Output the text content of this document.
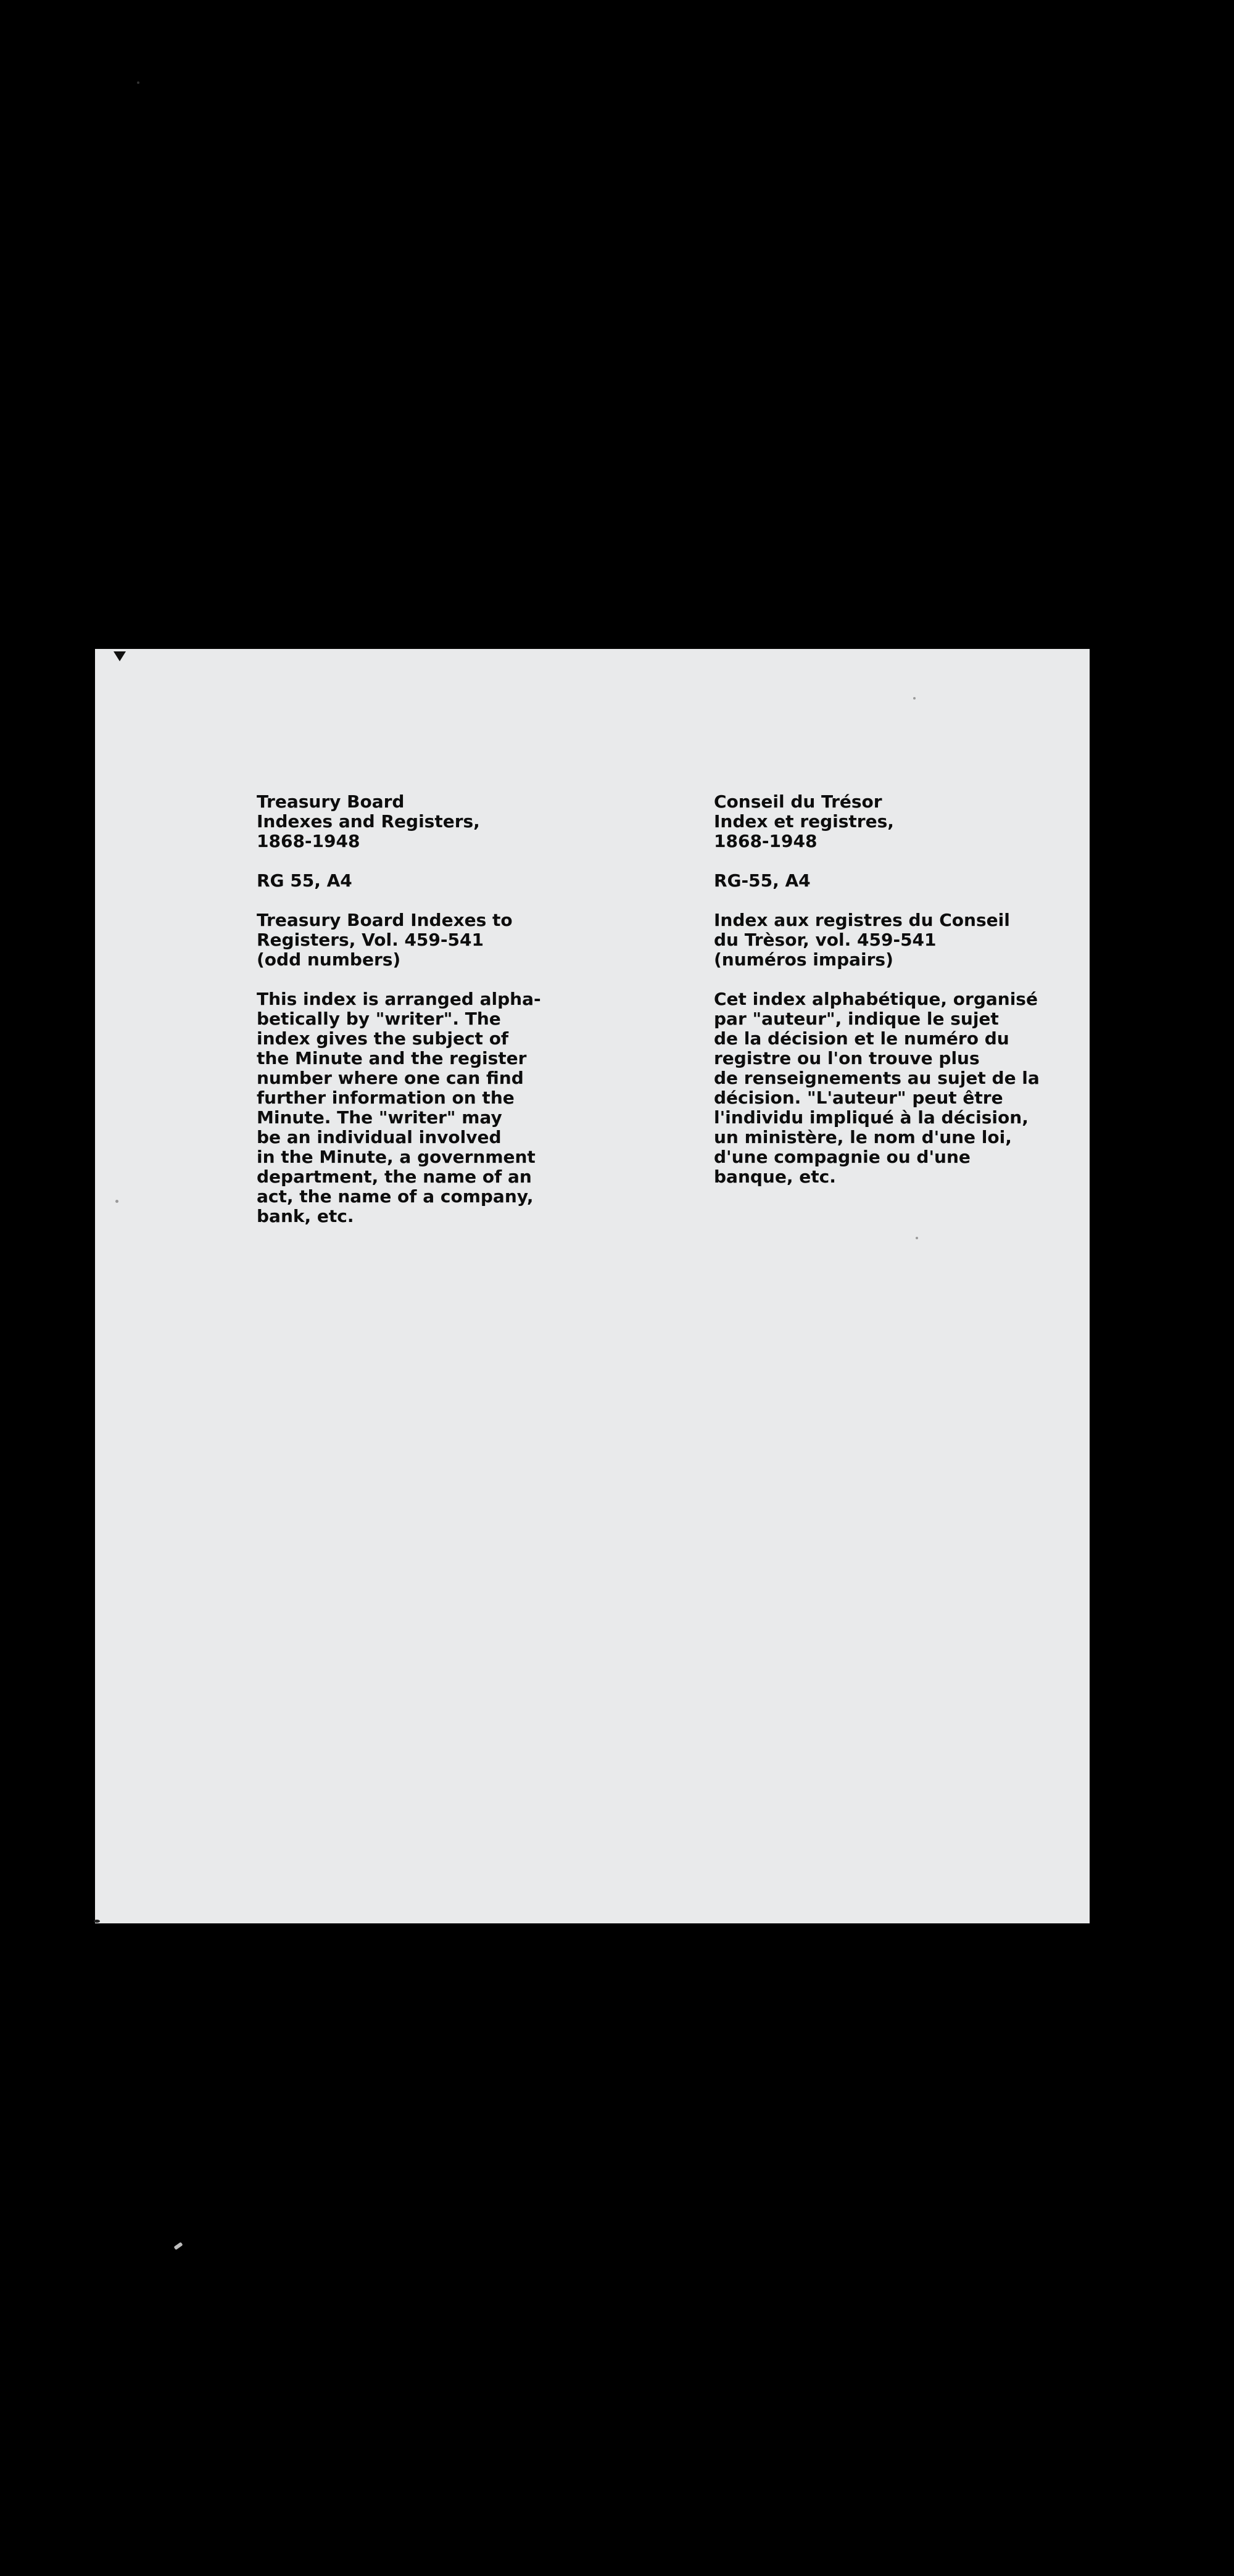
Treasury Board
Indexes and Registers,
1868-1948
RG 55, A4
Treasury Board Indexes to
Registers, Vol. 459-541
(odd numbers)
This index is arranged alpha-
betically by "writer". The
index gives the subject of
the Minute and the register
number where one can find
further information on the
Minute. The "writer" may
be an individual involved
in the Minute, a government
department, the name of an
act, the name of a company,
bank, etc.
Conseil du Trésor
Index et registres,
1868-1948
RG-55, A4
Index aux registres du Conseil
du Trèsor, vol. 459-541
(numéros impairs)
Cet index alphabétique, organisé
par "auteur", indique le sujet
de la décision et le numéro du
registre ou l'on trouve plus
de renseignements au sujet de la
décision. "L'auteur" peut être
l'individu impliqué à la décision,
un ministère, le nom d'une loi,
d'une compagnie ou d'une
banque, etc.
